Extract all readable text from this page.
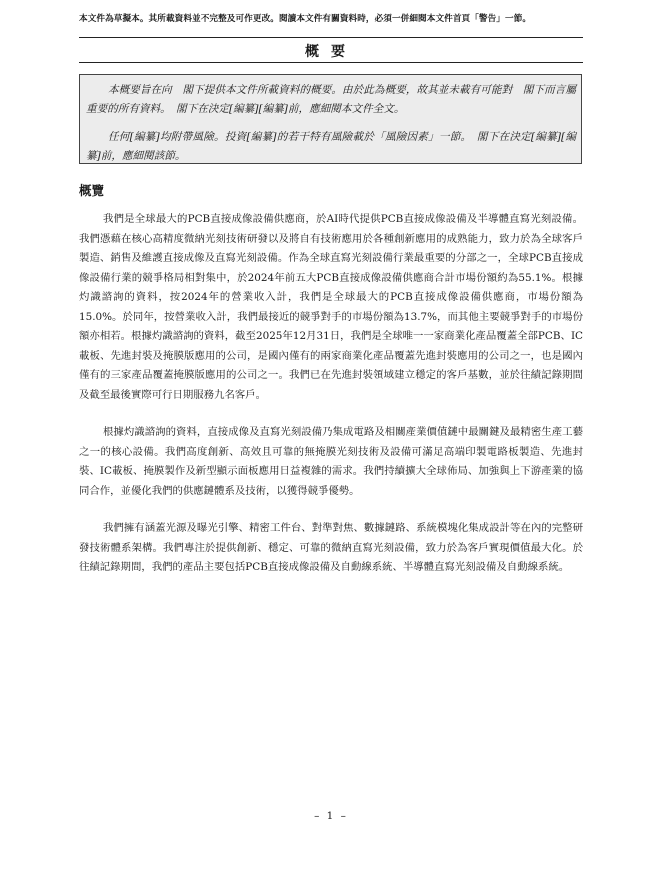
本文件為草擬本。其所載資料並不完整及可作更改。閱讀本文件有關資料時，必須一併細閱本文件首頁「警告」一節。
概要

本概要旨在向　閣下提供本文件所載資料的概要。由於此為概要，故其並未載有可能對　閣下而言屬重要的所有資料。　閣下在決定[編纂][編纂]前，應細閱本文件全文。

任何[編纂]均附帶風險。投資[編纂]的若干特有風險載於「風險因素」一節。　閣下在決定[編纂][編纂]前，應細閱該節。

概覽

我們是全球最大的PCB直接成像設備供應商，於AI時代提供PCB直接成像設備及半導體直寫光刻設備。我們憑藉在核心高精度微納光刻技術研發以及將自有技術應用於各種創新應用的成熟能力，致力於為全球客戶製造、銷售及維護直接成像及直寫光刻設備。作為全球直寫光刻設備行業最重要的分部之一，全球PCB直接成像設備行業的競爭格局相對集中，於2024年前五大PCB直接成像設備供應商合計市場份額約為55.1%。根據灼識諮詢的資料，按2024年的營業收入計，我們是全球最大的PCB直接成像設備供應商，市場份額為15.0%。於同年，按營業收入計，我們最接近的競爭對手的市場份額為13.7%，而其他主要競爭對手的市場份額亦相若。根據灼識諮詢的資料，截至2025年12月31日，我們是全球唯一一家商業化產品覆蓋全部PCB、IC載板、先進封裝及掩膜版應用的公司，是國內僅有的兩家商業化產品覆蓋先進封裝應用的公司之一，也是國內僅有的三家產品覆蓋掩膜版應用的公司之一。我們已在先進封裝領域建立穩定的客戶基數，並於往績記錄期間及截至最後實際可行日期服務九名客戶。

根據灼識諮詢的資料，直接成像及直寫光刻設備乃集成電路及相關產業價值鏈中最關鍵及最精密生產工藝之一的核心設備。我們高度創新、高效且可靠的無掩膜光刻技術及設備可滿足高端印製電路板製造、先進封裝、IC載板、掩膜製作及新型顯示面板應用日益複雜的需求。我們持續擴大全球佈局、加強與上下游產業的協同合作，並優化我們的供應鏈體系及技術，以獲得競爭優勢。

我們擁有涵蓋光源及曝光引擎、精密工件台、對準對焦、數據鏈路、系統模塊化集成設計等在內的完整研發技術體系架構。我們專注於提供創新、穩定、可靠的微納直寫光刻設備，致力於為客戶實現價值最大化。於往績記錄期間，我們的產品主要包括PCB直接成像設備及自動線系統、半導體直寫光刻設備及自動線系統。

– 1 –
